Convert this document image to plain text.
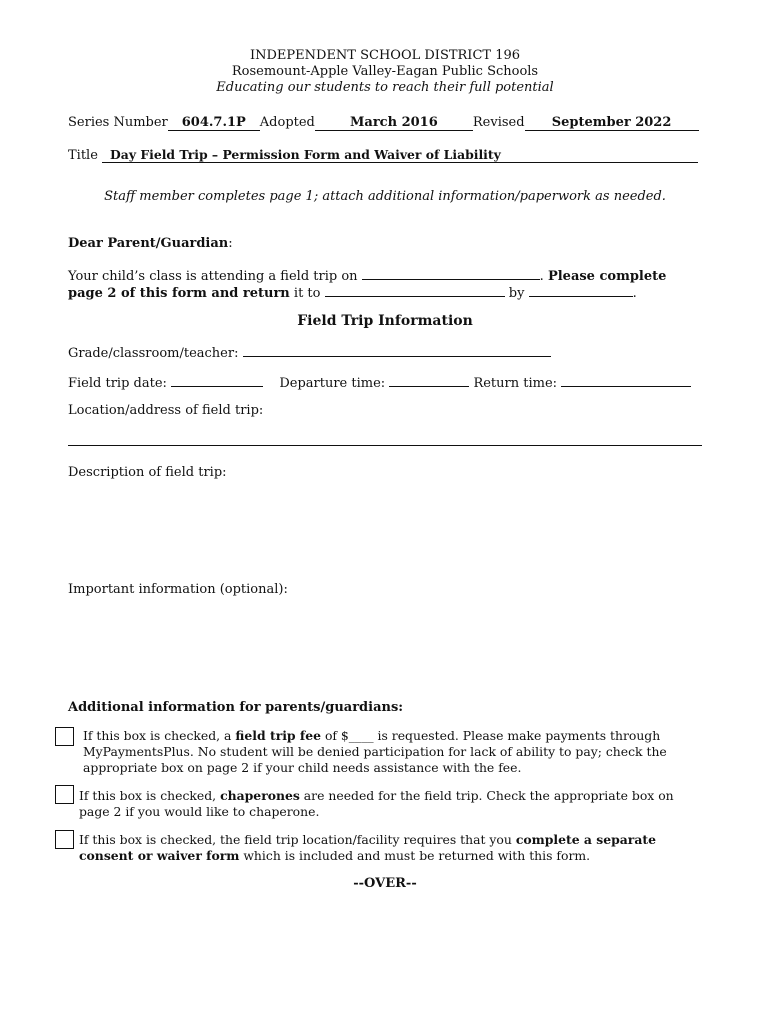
INDEPENDENT SCHOOL DISTRICT 196
Rosemount-Apple Valley-Eagan Public Schools
Educating our students to reach their full potential
Series Number 604.7.1P Adopted	March 2016	Revised September 2022
Title Day Field Trip – Permission Form and Waiver of Liability
Staff member completes page 1; attach additional information/paperwork as needed.
Dear Parent/Guardian:
Your child’s class is attending a field trip on	. Please complete
page 2 of this form and return it to	by	.
Field Trip Information
Grade/classroom/teacher:
Field trip date:	Departure time:	Return time:
Location/address of field trip:
Description of field trip:
Important information (optional):
Additional information for parents/guardians:
If this box is checked, a field trip fee of $____ is requested. Please make payments through MyPaymentsPlus. No student will be denied participation for lack of ability to pay; check the appropriate box on page 2 if your child needs assistance with the fee.
If this box is checked, chaperones are needed for the field trip. Check the appropriate box on page 2 if you would like to chaperone.
If this box is checked, the field trip location/facility requires that you complete a separate consent or waiver form which is included and must be returned with this form.
--OVER--
